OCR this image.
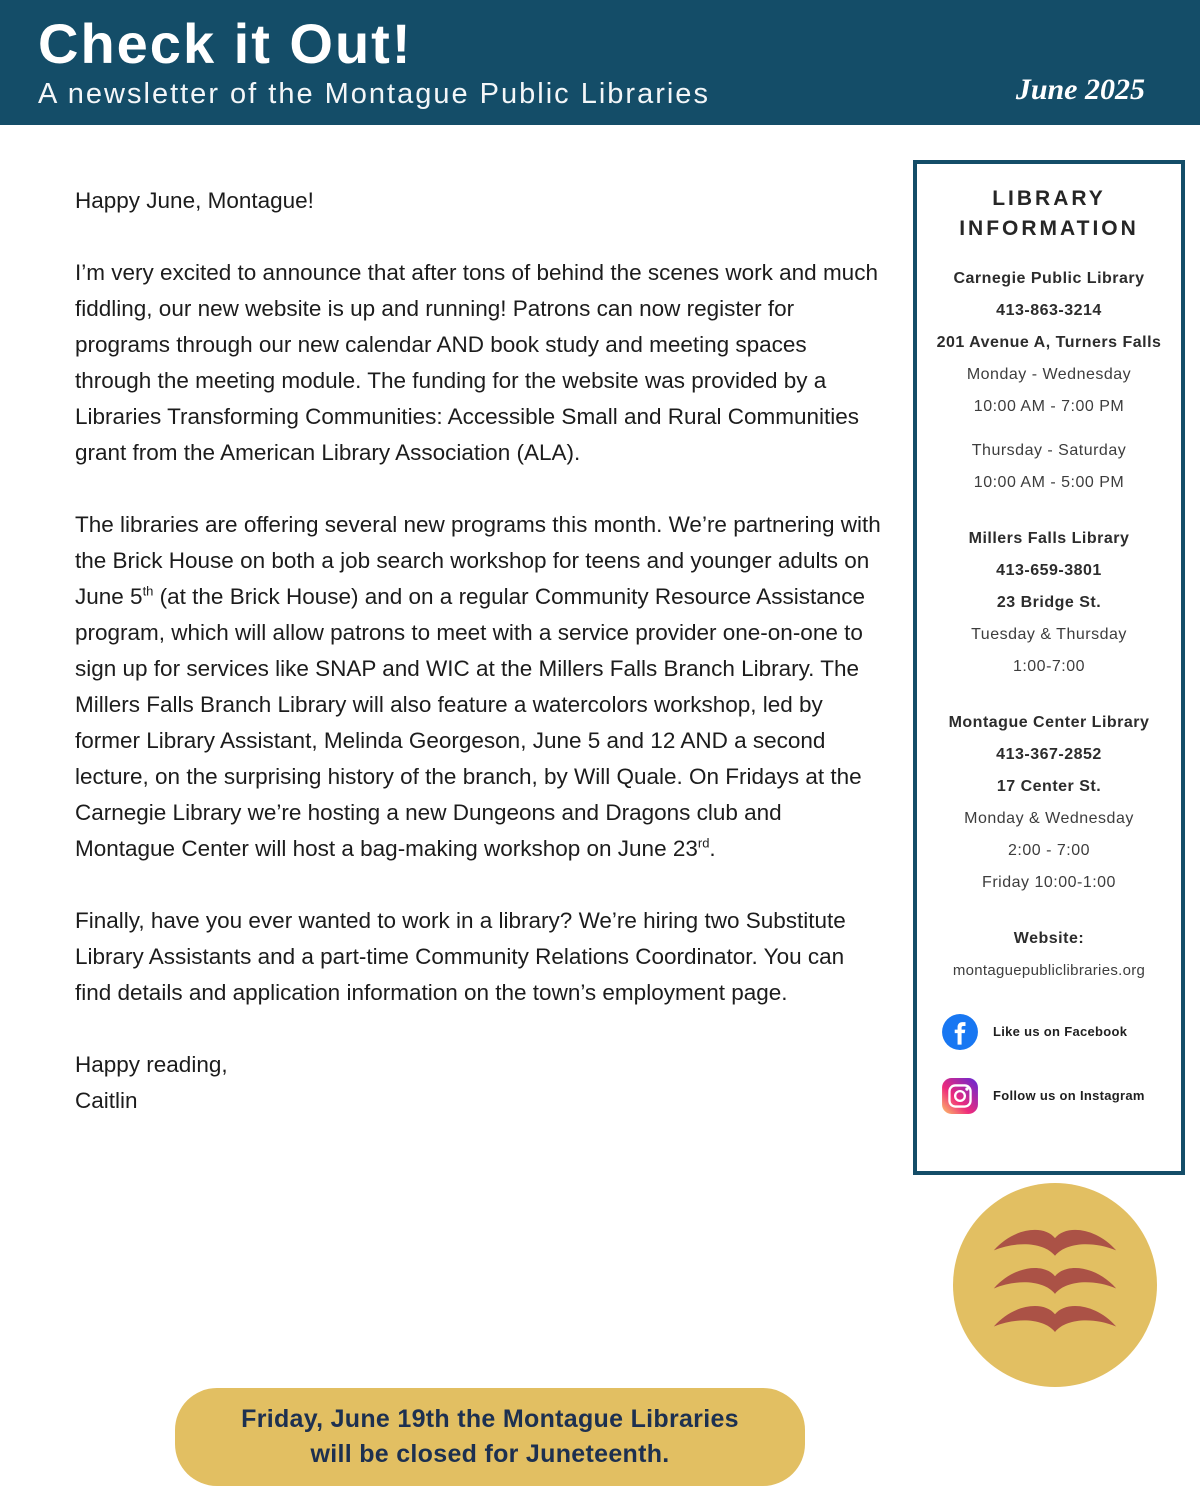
Check it Out!
A newsletter of the Montague Public Libraries	June 2025

Happy June, Montague!

I’m very excited to announce that after tons of behind the scenes work and much fiddling, our new website is up and running! Patrons can now register for programs through our new calendar AND book study and meeting spaces through the meeting module. The funding for the website was provided by a Libraries Transforming Communities: Accessible Small and Rural Communities grant from the American Library Association (ALA).

The libraries are offering several new programs this month. We’re partnering with the Brick House on both a job search workshop for teens and younger adults on June 5th (at the Brick House) and on a regular Community Resource Assistance program, which will allow patrons to meet with a service provider one-on-one to sign up for services like SNAP and WIC at the Millers Falls Branch Library. The Millers Falls Branch Library will also feature a watercolors workshop, led by former Library Assistant, Melinda Georgeson, June 5 and 12 AND a second lecture, on the surprising history of the branch, by Will Quale. On Fridays at the Carnegie Library we’re hosting a new Dungeons and Dragons club and Montague Center will host a bag-making workshop on June 23rd.

Finally, have you ever wanted to work in a library? We’re hiring two Substitute Library Assistants and a part-time Community Relations Coordinator. You can find details and application information on the town’s employment page.

Happy reading,
Caitlin
LIBRARY INFORMATION
Carnegie Public Library
413-863-3214
201 Avenue A, Turners Falls
Monday - Wednesday
10:00 AM - 7:00 PM
Thursday - Saturday
10:00 AM - 5:00 PM
Millers Falls Library
413-659-3801
23 Bridge St.
Tuesday & Thursday
1:00-7:00
Montague Center Library
413-367-2852
17 Center St.
Monday & Wednesday
2:00 - 7:00
Friday 10:00-1:00
Website:
montaguepubliclibraries.org
Like us on Facebook
Follow us on Instagram
Friday, June 19th the Montague Libraries
will be closed for Juneteenth.
